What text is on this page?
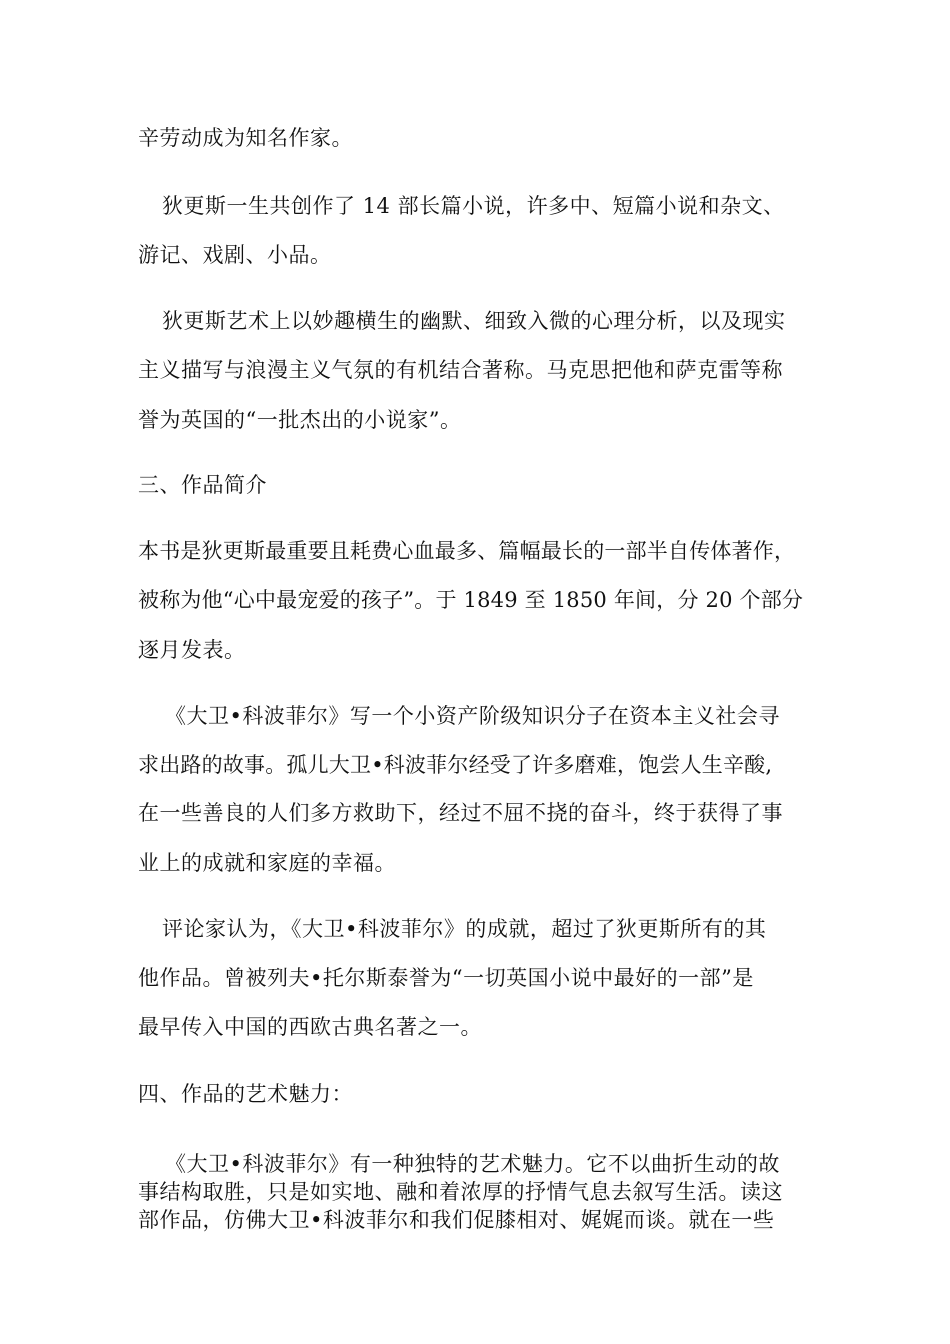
辛劳动成为知名作家。
狄更斯一生共创作了 14 部长篇小说，许多中、短篇小说和杂文、
游记、戏剧、小品。
狄更斯艺术上以妙趣横生的幽默、细致入微的心理分析，以及现实
主义描写与浪漫主义气氛的有机结合著称。马克思把他和萨克雷等称
誉为英国的“一批杰出的小说家”。
三、作品简介
本书是狄更斯最重要且耗费心血最多、篇幅最长的一部半自传体著作，
被称为他“心中最宠爱的孩子”。于 1849 至 1850 年间，分 20 个部分
逐月发表。
《大卫•科波菲尔》写一个小资产阶级知识分子在资本主义社会寻
求出路的故事。孤儿大卫•科波菲尔经受了许多磨难，饱尝人生辛酸,
在一些善良的人们多方救助下，经过不屈不挠的奋斗，终于获得了事
业上的成就和家庭的幸福。
评论家认为，《大卫•科波菲尔》的成就，超过了狄更斯所有的其
他作品。曾被列夫•托尔斯泰誉为“一切英国小说中最好的一部”是
最早传入中国的西欧古典名著之一。
四、作品的艺术魅力：
《大卫•科波菲尔》有一种独特的艺术魅力。它不以曲折生动的故
事结构取胜，只是如实地、融和着浓厚的抒情气息去叙写生活。读这
部作品，仿佛大卫•科波菲尔和我们促膝相对、娓娓而谈。就在一些
